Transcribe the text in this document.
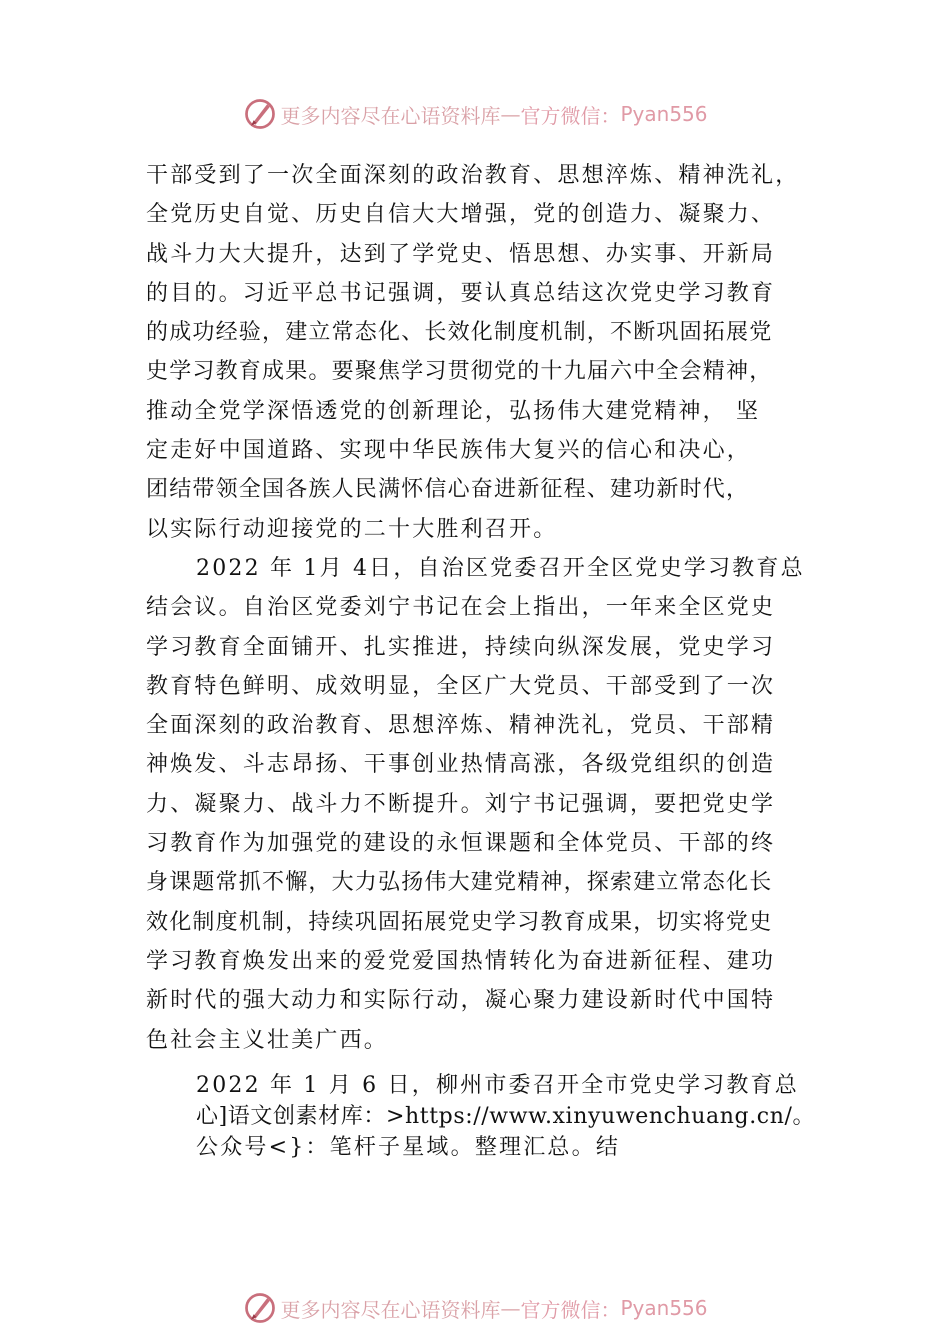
更多内容尽在心语资料库 — 官方微信： Pyan556
干部受到了一次全面深刻的政治教育、思想淬炼、精神洗礼，
全党历史自觉、历史自信大大增强，党的创造力、凝聚力、
战斗力大大提升，达到了学党史、悟思想、办实事、开新局
的目的。习近平总书记强调，要认真总结这次党史学习教育
的成功经验，建立常态化、长效化制度机制，不断巩固拓展党
史学习教育成果。要聚焦学习贯彻党的十九届六中全会精神，
推动全党学深悟透党的创新理论，弘扬伟大建党精神， 坚
定走好中国道路、实现中华民族伟大复兴的信心和决心，
团结带领全国各族人民满怀信心奋进新征程、建功新时代，
以实际行动迎接党的二十大胜利召开。
2022 年 1月 4日，自治区党委召开全区党史学习教育总
结会议。自治区党委刘宁书记在会上指出，一年来全区党史
学习教育全面铺开、扎实推进，持续向纵深发展，党史学习
教育特色鲜明、成效明显，全区广大党员、干部受到了一次
全面深刻的政治教育、思想淬炼、精神洗礼，党员、干部精
神焕发、斗志昂扬、干事创业热情高涨，各级党组织的创造
力、凝聚力、战斗力不断提升。刘宁书记强调，要把党史学
习教育作为加强党的建设的永恒课题和全体党员、干部的终
身课题常抓不懈，大力弘扬伟大建党精神，探索建立常态化长
效化制度机制，持续巩固拓展党史学习教育成果，切实将党史
学习教育焕发出来的爱党爱国热情转化为奋进新征程、建功
新时代的强大动力和实际行动，凝心聚力建设新时代中国特
色社会主义壮美广西。
2022 年 1 月 6 日，柳州市委召开全市党史学习教育总
心]语文创素材库：>https://www.xinyuwenchuang.cn/。
公众号<}：笔杆子星域。整理汇总。结
更多内容尽在心语资料库 — 官方微信： Pyan556
